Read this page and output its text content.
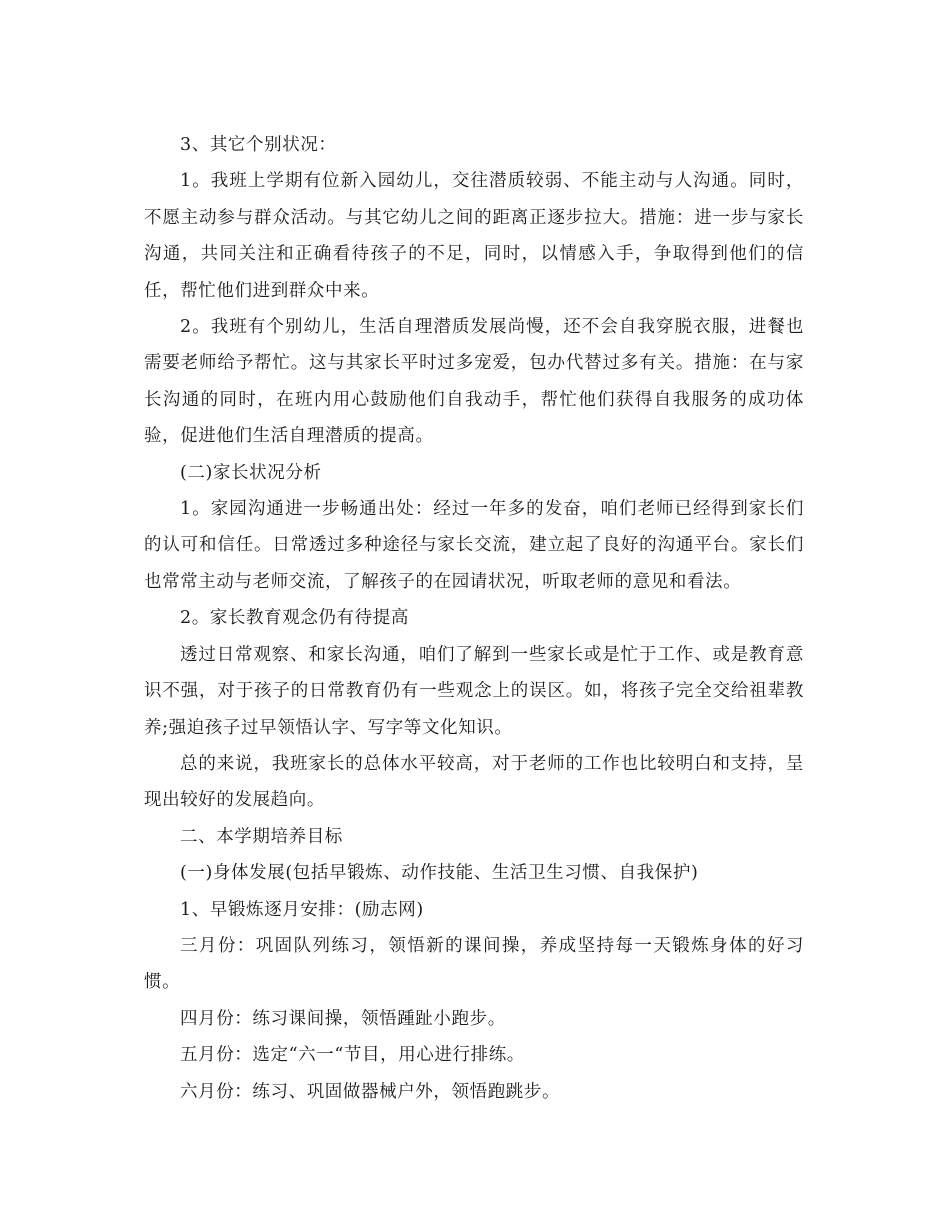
3、其它个别状况：

1。我班上学期有位新入园幼儿，交往潜质较弱、不能主动与人沟通。同时，不愿主动参与群众活动。与其它幼儿之间的距离正逐步拉大。措施：进一步与家长沟通，共同关注和正确看待孩子的不足，同时，以情感入手，争取得到他们的信任，帮忙他们进到群众中来。

2。我班有个别幼儿，生活自理潜质发展尚慢，还不会自我穿脱衣服，进餐也需要老师给予帮忙。这与其家长平时过多宠爱，包办代替过多有关。措施：在与家长沟通的同时，在班内用心鼓励他们自我动手，帮忙他们获得自我服务的成功体验，促进他们生活自理潜质的提高。

(二)家长状况分析

1。家园沟通进一步畅通出处：经过一年多的发奋，咱们老师已经得到家长们的认可和信任。日常透过多种途径与家长交流，建立起了良好的沟通平台。家长们也常常主动与老师交流，了解孩子的在园请状况，听取老师的意见和看法。

2。家长教育观念仍有待提高

透过日常观察、和家长沟通，咱们了解到一些家长或是忙于工作、或是教育意识不强，对于孩子的日常教育仍有一些观念上的误区。如，将孩子完全交给祖辈教养;强迫孩子过早领悟认字、写字等文化知识。

总的来说，我班家长的总体水平较高，对于老师的工作也比较明白和支持，呈现出较好的发展趋向。

二、本学期培养目标

(一)身体发展(包括早锻炼、动作技能、生活卫生习惯、自我保护)

1、早锻炼逐月安排：(励志网)

三月份：巩固队列练习，领悟新的课间操，养成坚持每一天锻炼身体的好习惯。

四月份：练习课间操，领悟踵趾小跑步。

五月份：选定“六一“节目，用心进行排练。

六月份：练习、巩固做器械户外，领悟跑跳步。
